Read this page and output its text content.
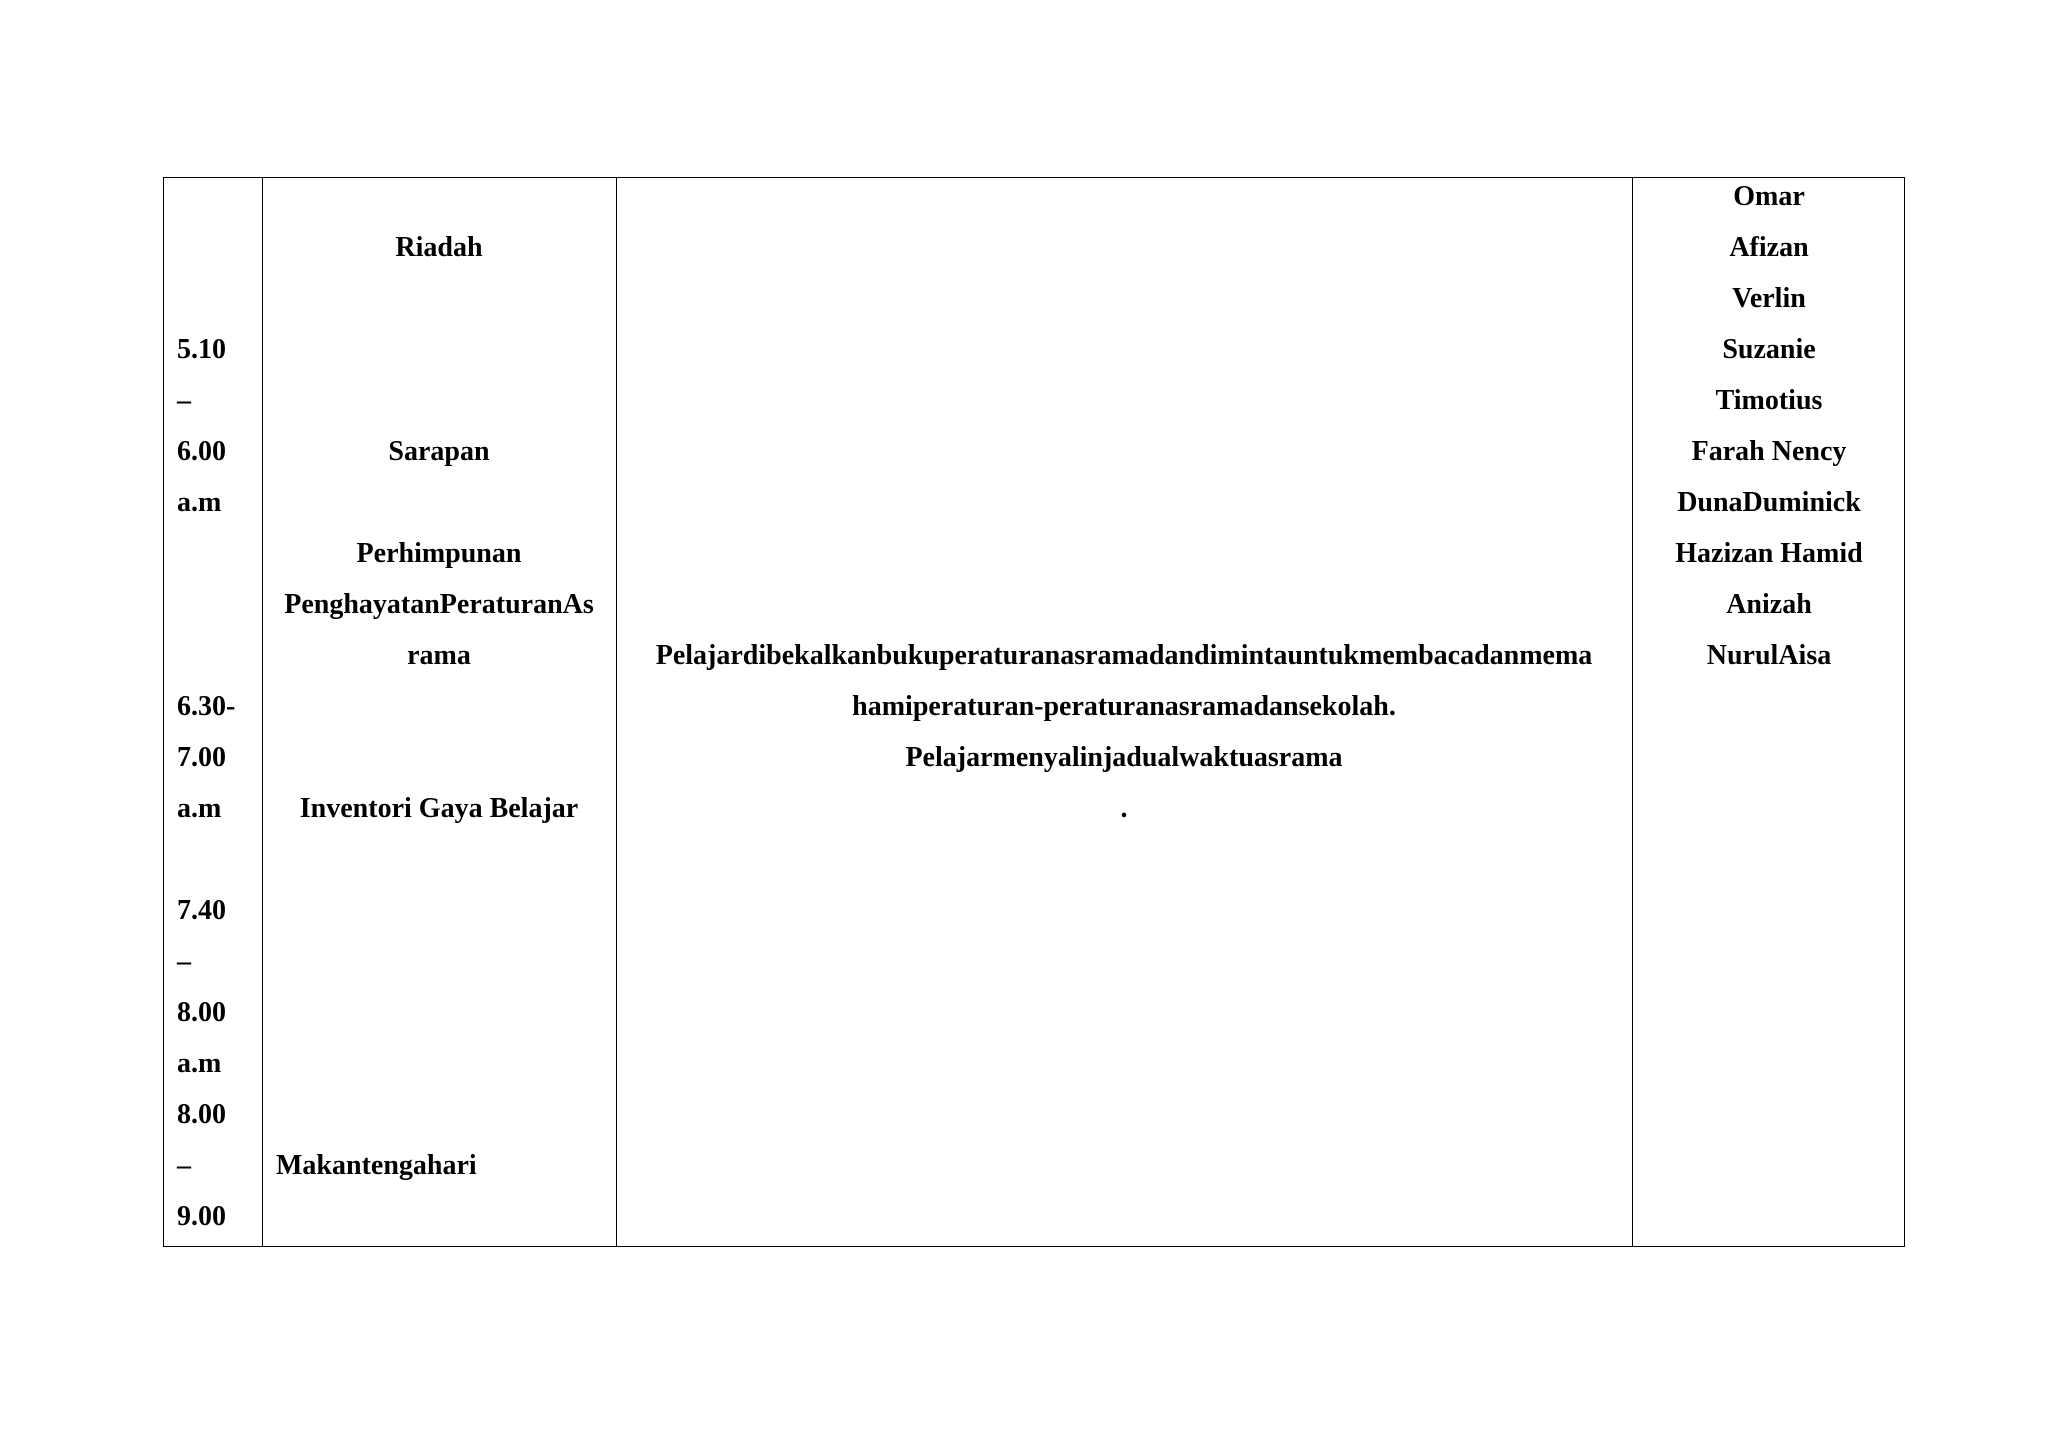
5.10
–
6.00
a.m
6.30-
7.00
a.m
7.40
–
8.00
a.m
8.00
–
9.00
Riadah
Sarapan
Perhimpunan
PenghayatanPeraturanAs
rama
Inventori Gaya Belajar
Makantengahari
Pelajardibekalkanbukuperaturanasramadandimintauntukmembacadanmema
hamiperaturan-peraturanasramadansekolah.
Pelajarmenyalinjadualwaktuasrama
.
Omar
Afizan
Verlin
Suzanie
Timotius
Farah Nency
DunaDuminick
Hazizan Hamid
Anizah
NurulAisa
